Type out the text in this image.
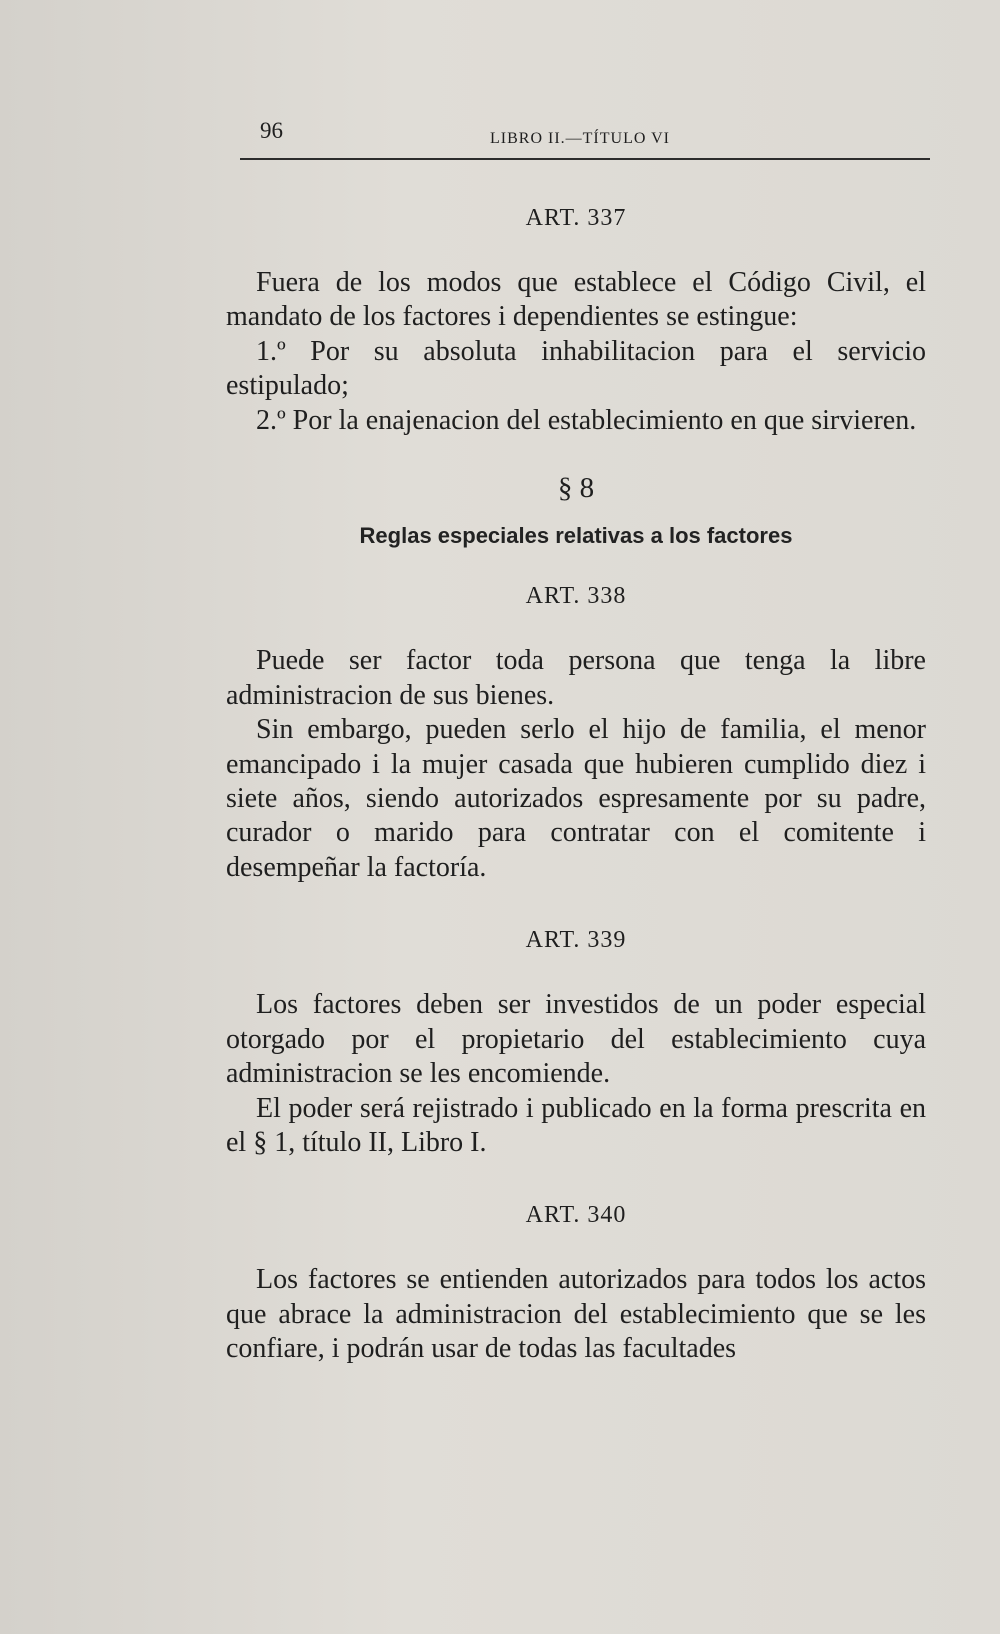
96	LIBRO II.—TÍTULO VI
ART. 337

Fuera de los modos que establece el Código Civil, el mandato de los factores i dependientes se estingue:

1.º Por su absoluta inhabilitacion para el servicio estipulado;

2.º Por la enajenacion del establecimiento en que sirvieren.

§ 8
Reglas especiales relativas a los factores
ART. 338

Puede ser factor toda persona que tenga la libre administracion de sus bienes.

Sin embargo, pueden serlo el hijo de familia, el menor emancipado i la mujer casada que hubieren cumplido diez i siete años, siendo autorizados espresamente por su padre, curador o marido para contratar con el comitente i desempeñar la factoría.

ART. 339

Los factores deben ser investidos de un poder especial otorgado por el propietario del establecimiento cuya administracion se les encomiende.

El poder será rejistrado i publicado en la forma prescrita en el § 1, título II, Libro I.

ART. 340

Los factores se entienden autorizados para todos los actos que abrace la administracion del establecimiento que se les confiare, i podrán usar de todas las facultades
